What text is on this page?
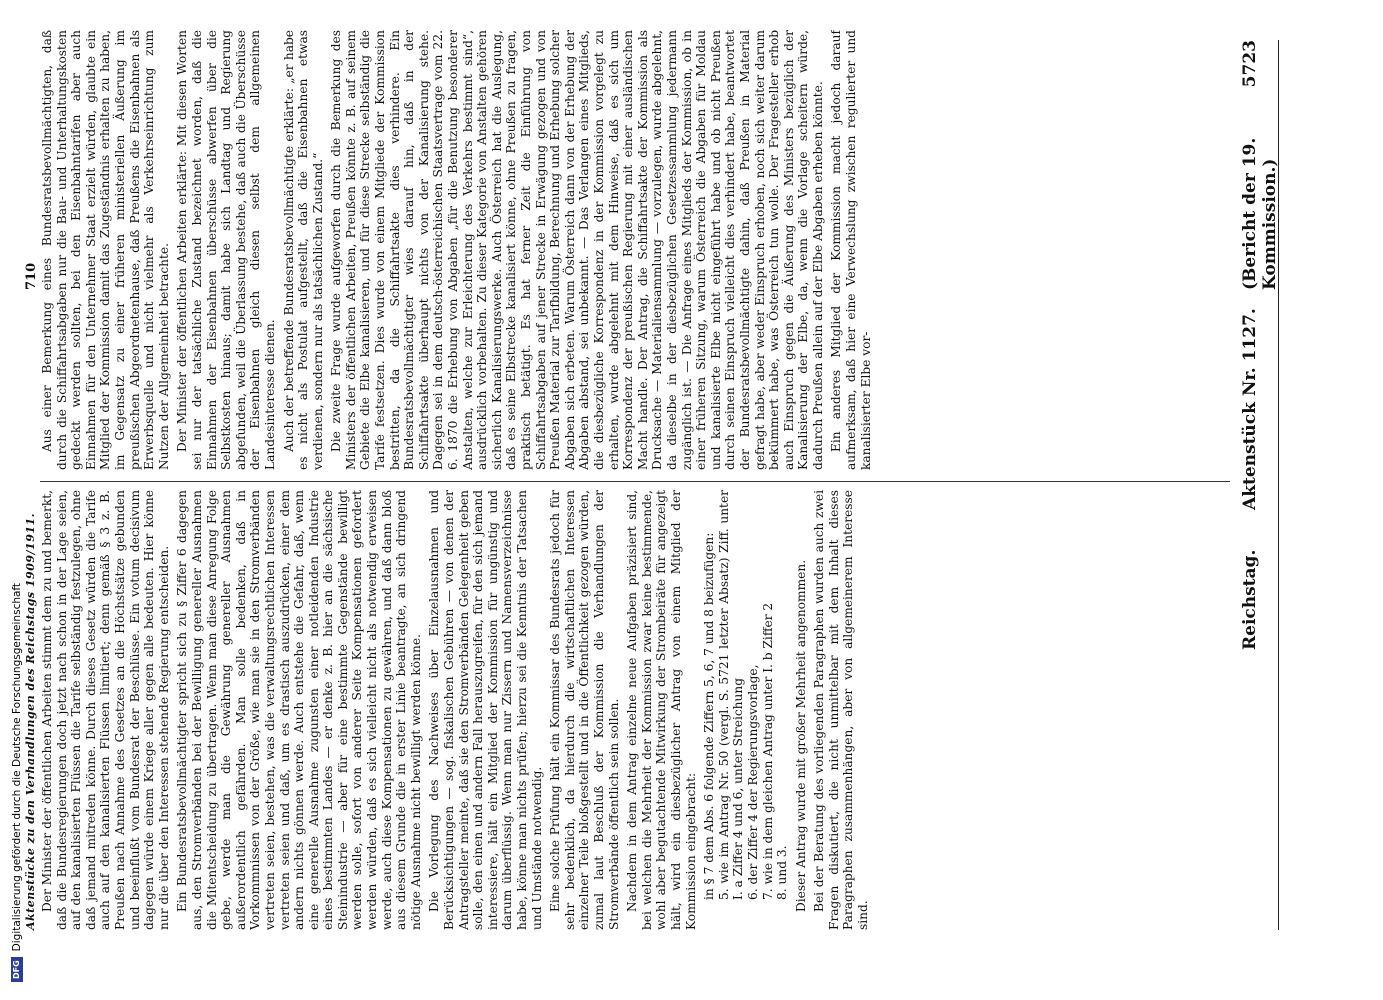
Reichstag.
Aktenstück Nr. 1127.
(Bericht der 19. Kommission.)
5723

Der Minister der öffentlichen Arbeiten stimmt dem zu und bemerkt, daß die Bundesregierungen doch jetzt nach schon in der Lage seien, auf den kanalisierten Flüssen die Tarife selbständig festzulegen, ohne daß jemand mitreden könne. Durch dieses Gesetz würden die Tarife auch auf den kanalisierten Flüssen limitiert; denn gemäß § 3 z. B. Preußen nach Annahme des Gesetzes an die Höchstsätze gebunden und beeinflußt vom Bundesrat der Beschlüsse. Ein votum decisivum dagegen würde einem Kriege aller gegen alle bedeuten. Hier könne nur die über den Interessen stehende Regierung entscheiden. Ein Bundesratsbevollmächtigter spricht sich zu § Ziffer 6 dagegen aus, den Stromverbänden bei der Bewilligung genereller Ausnahmen die Mitentscheidung zu übertragen. Wenn man diese Anregung Folge gebe, werde man die Gewährung genereller Ausnahmen außerordentlich gefährden. Man solle bedenken, daß in Vorkommnissen von der Größe, wie man sie in den Stromverbänden vertreten seien, bestehen, was die verwaltungsrechtlichen Interessen vertreten seien und daß, um es drastisch auszudrücken, einer dem andern nichts gönnen werde. Auch entstehe die Gefahr, daß, wenn eine generelle Ausnahme zugunsten einer notleidenden Industrie eines bestimmten Landes — er denke z. B. hier an die sächsische Steinindustrie — aber für eine bestimmte Gegenstände bewilligt werden solle, sofort von anderer Seite Kompensationen gefordert werden würden, daß es sich vielleicht nicht als notwendig erweisen werde, auch diese Kompensationen zu gewähren, und daß dann bloß aus diesem Grunde die in erster Linie beantragte, an sich dringend nötige Ausnahme nicht bewilligt werden könne. Die Vorlegung des Nachweises über Einzelausnahmen und Berücksichtigungen — sog. fiskalischen Gebühren — von denen der Antragsteller meinte, daß sie den Stromverbänden Gelegenheit geben solle, den einen und andern Fall herauszugreifen, für den sich jemand interessiere, hält ein Mitglied der Kommission für ungünstig und darum überflüssig. Wenn man nur Zissern und Namensverzeichnisse habe, könne man nichts prüfen; hierzu sei die Kenntnis der Tatsachen und Umstände notwendig. Eine solche Prüfung hält ein Kommissar des Bundesrats jedoch für sehr bedenklich, da hierdurch die wirtschaftlichen Interessen einzelner Teile bloßgestellt und in die Öffentlichkeit gezogen würden, zumal laut Beschluß der Kommission die Verhandlungen der Stromverbände öffentlich sein sollen. Nachdem in dem Antrag einzelne neue Aufgaben präzisiert sind, bei welchen die Mehrheit der Kommission zwar keine bestimmende, wohl aber begutachtende Mitwirkung der Strombeiräte für angezeigt hält, wird ein diesbezüglicher Antrag von einem Mitglied der Kommission eingebracht: in § 7 dem Abs. 6 folgende Ziffern 5, 6, 7 und 8 beizufügen: 5. wie im Antrag Nr. 50 (vergl. S. 5721 letzter Absatz) Ziff. unter I. a Ziffer 4 und 6, unter Streichung 6. der Ziffer 4 der Regierungsvorlage, 7. wie in dem gleichen Antrag unter I. b Ziffer 2 8. und 3. Dieser Antrag wurde mit großer Mehrheit angenommen. Bei der Beratung des vorliegenden Paragraphen wurden auch zwei Fragen diskutiert, die nicht unmittelbar mit dem Inhalt dieses Paragraphen zusammenhängen, aber von allgemeinerem Interesse sind.

Aus einer Bemerkung eines Bundesratsbevollmächtigten, daß durch die Schiffahrtsabgaben nur die Bau- und Unterhaltungskosten gedeckt werden sollten, bei den Eisenbahntarifen aber auch Einnahmen für den Unternehmer Staat erzielt würden, glaubte ein Mitglied der Kommission damit das Zugeständnis erhalten zu haben, im Gegensatz zu einer früheren ministeriellen Äußerung im preußischen Abgeordnetenhause, daß Preußens die Eisenbahnen als Erwerbsquelle und nicht vielmehr als Verkehrseinrichtung zum Nutzen der Allgemeinheit betrachte. Der Minister der öffentlichen Arbeiten erklärte: Mit diesen Worten sei nur der tatsächliche Zustand bezeichnet worden, daß die Einnahmen der Eisenbahnen überschüsse abwerfen über die Selbstkosten hinaus; damit habe sich Landtag und Regierung abgefunden, weil die Überlassung bestehe, daß auch die Überschüsse der Eisenbahnen gleich diesen selbst dem allgemeinen Landesinteresse dienen. Auch der betreffende Bundesratsbevollmächtigte erklärte: „er habe es nicht als Postulat aufgestellt, daß die Eisenbahnen etwas verdienen, sondern nur als tatsächlichen Zustand.“ Die zweite Frage wurde aufgeworfen durch die Bemerkung des Ministers der öffentlichen Arbeiten, Preußen könnte z. B. auf seinem Gebiete die Elbe kanalisieren, und für diese Strecke selbständig die Tarife festsetzen. Dies wurde von einem Mitgliede der Kommission bestritten, da die Schiffahrtsakte dies verhindere. Ein Bundesratsbevollmächtigter wies darauf hin, daß in der Schiffahrtsakte überhaupt nichts von der Kanalisierung stehe. Dagegen sei in dem deutsch-österreichischen Staatsvertrage vom 22. 6. 1870 die Erhebung von Abgaben „für die Benutzung besonderer Anstalten, welche zur Erleichterung des Verkehrs bestimmt sind“, ausdrücklich vorbehalten. Zu dieser Kategorie von Anstalten gehören sicherlich Kanalisierungswerke. Auch Österreich hat die Auslegung, daß es seine Elbstrecke kanalisiert könne, ohne Preußen zu fragen, praktisch betätigt. Es hat ferner Zeit die Einführung von Schiffahrtsabgaben auf jener Strecke in Erwägung gezogen und von Preußen Material zur Tarifbildung, Berechnung und Erhebung solcher Abgaben sich erbeten. Warum Österreich dann von der Erhebung der Abgaben abstand, sei unbekannt. — Das Verlangen eines Mitglieds, die diesbezügliche Korrespondenz in der Kommission vorgelegt zu erhalten, wurde abgelehnt mit dem Hinweise, daß es sich um Korrespondenz der preußischen Regierung mit einer ausländischen Macht handle. Der Antrag, die Schiffahrtsakte der Kommission als Drucksache — Materialiensammlung — vorzulegen, wurde abgelehnt, da dieselbe in der diesbezüglichen Gesetzessammlung jedermann zugänglich ist. — Die Anfrage eines Mitglieds der Kommission, ob in einer früheren Sitzung, warum Österreich die Abgaben für Moldau und kanalisierte Elbe nicht eingeführt habe und ob nicht Preußen durch seinen Einspruch vielleicht dies verhindert habe, beantwortet der Bundesratsbevollmächtigte dahin, daß Preußen in Material gefragt habe, aber weder Einspruch erhoben, noch sich weiter darum bekümmert habe, was Österreich tun wolle. Der Fragesteller erhob auch Einspruch gegen die Äußerung des Ministers bezüglich der Kanalisierung der Elbe, da, wenn die Vorlage scheitern würde, dadurch Preußen allein auf der Elbe Abgaben erheben könnte. Ein anderes Mitglied der Kommission macht jedoch darauf aufmerksam, daß hier eine Verwechslung zwischen regulierter und kanalisierter Elbe vor-

Aktenstücke zu den Verhandlungen des Reichstags 1909/1911.
710
DFGDigitalisierung gefördert durch die Deutsche Forschungsgemeinschaft
